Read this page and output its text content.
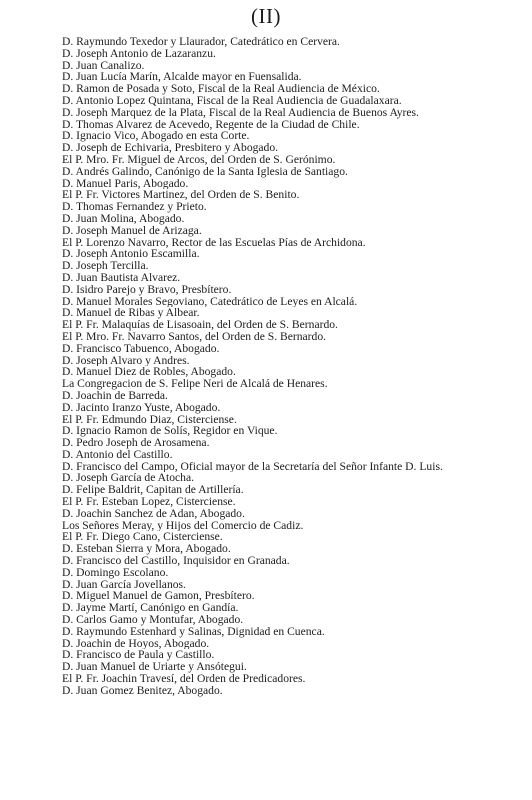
(II)
D. Raymundo Texedor y Llaurador, Catedrático en Cervera.
D. Joseph Antonio de Lazaranzu.
D. Juan Canalizo.
D. Juan Lucía Marín, Alcalde mayor en Fuensalida.
D. Ramon de Posada y Soto, Fiscal de la Real Audiencia de México.
D. Antonio Lopez Quintana, Fiscal de la Real Audiencia de Guadalaxara.
D. Joseph Marquez de la Plata, Fiscal de la Real Audiencia de Buenos Ayres.
D. Thomas Alvarez de Acevedo, Regente de la Ciudad de Chile.
D. Ignacio Vico, Abogado en esta Corte.
D. Joseph de Echivaria, Presbitero y Abogado.
El P. Mro. Fr. Miguel de Arcos, del Orden de S. Gerónimo.
D. Andrés Galindo, Canónigo de la Santa Iglesia de Santiago.
D. Manuel Paris, Abogado.
El P. Fr. Victores Martinez, del Orden de S. Benito.
D. Thomas Fernandez y Prieto.
D. Juan Molina, Abogado.
D. Joseph Manuel de Arizaga.
El P. Lorenzo Navarro, Rector de las Escuelas Pías de Archidona.
D. Joseph Antonio Escamilla.
D. Joseph Tercilla.
D. Juan Bautista Alvarez.
D. Isidro Parejo y Bravo, Presbítero.
D. Manuel Morales Segoviano, Catedrático de Leyes en Alcalá.
D. Manuel de Ribas y Albear.
El P. Fr. Malaquías de Lisasoain, del Orden de S. Bernardo.
El P. Mro. Fr. Navarro Santos, del Orden de S. Bernardo.
D. Francisco Tabuenco, Abogado.
D. Joseph Alvaro y Andres.
D. Manuel Diez de Robles, Abogado.
La Congregacion de S. Felipe Neri de Alcalá de Henares.
D. Joachin de Barreda.
D. Jacinto Iranzo Yuste, Abogado.
El P. Fr. Edmundo Diaz, Cisterciense.
D. Ignacio Ramon de Solís, Regidor en Vique.
D. Pedro Joseph de Arosamena.
D. Antonio del Castillo.
D. Francisco del Campo, Oficial mayor de la Secretaría del Señor Infante D. Luis.
D. Joseph García de Atocha.
D. Felipe Baldrit, Capitan de Artillería.
El P. Fr. Esteban Lopez, Cisterciense.
D. Joachin Sanchez de Adan, Abogado.
Los Señores Meray, y Hijos del Comercio de Cadiz.
El P. Fr. Diego Cano, Cisterciense.
D. Esteban Sierra y Mora, Abogado.
D. Francisco del Castillo, Inquisidor en Granada.
D. Domingo Escolano.
D. Juan García Jovellanos.
D. Miguel Manuel de Gamon, Presbítero.
D. Jayme Martí, Canónigo en Gandía.
D. Carlos Gamo y Montufar, Abogado.
D. Raymundo Estenhard y Salinas, Dignidad en Cuenca.
D. Joachin de Hoyos, Abogado.
D. Francisco de Paula y Castillo.
D. Juan Manuel de Uriarte y Ansótegui.
El P. Fr. Joachin Travesí, del Orden de Predicadores.
D. Juan Gomez Benitez, Abogado.
